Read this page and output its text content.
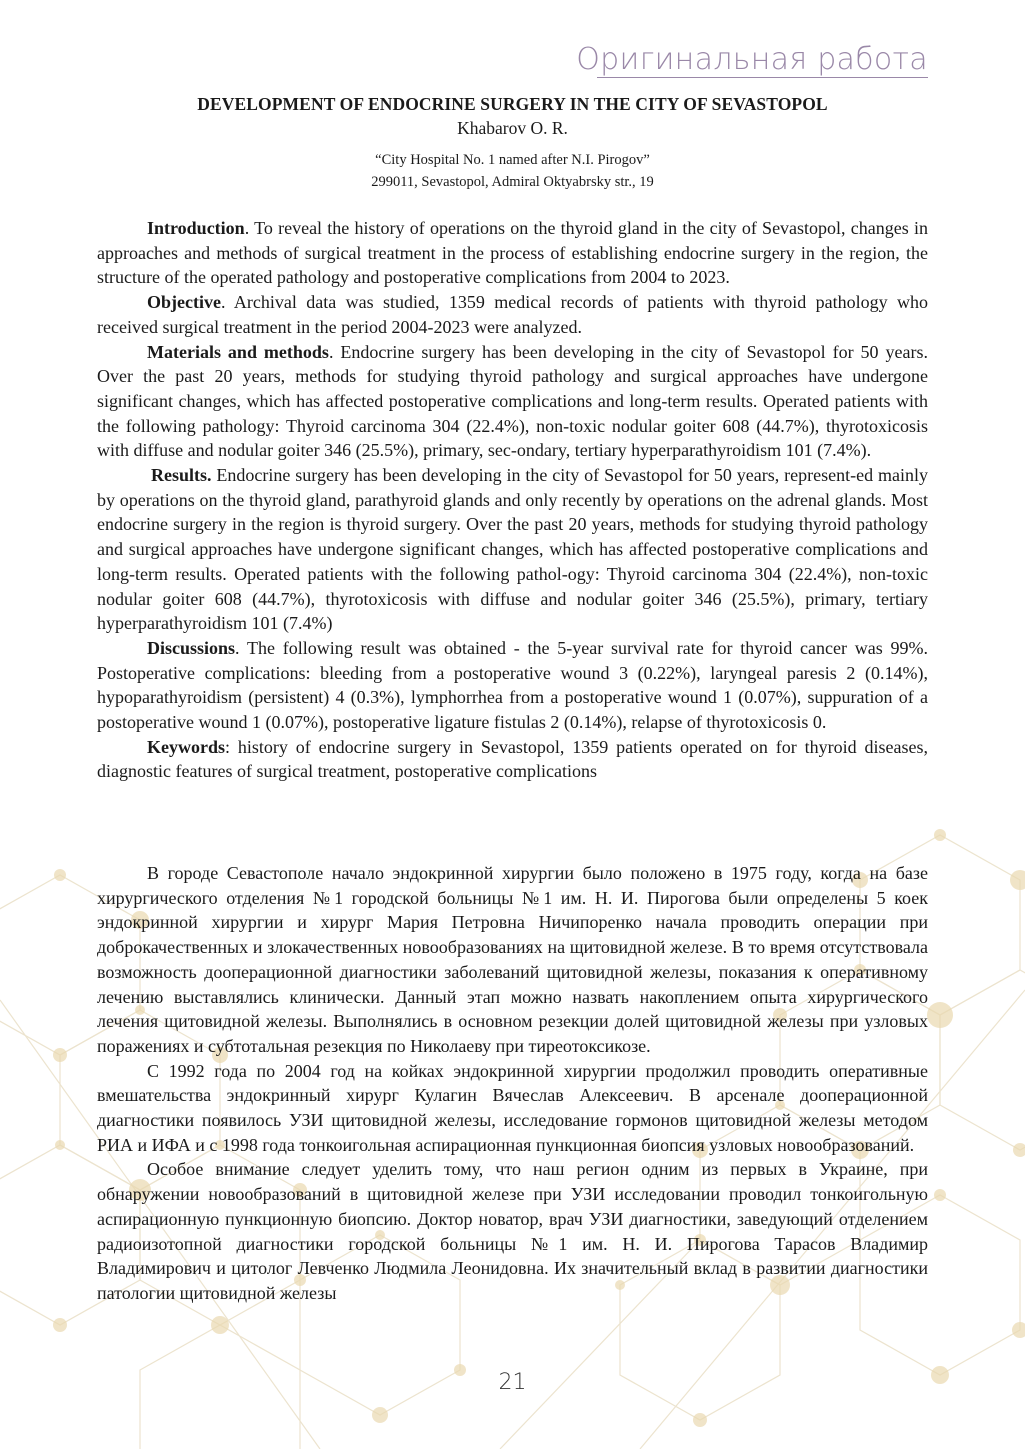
Оригинальная работа
DEVELOPMENT OF ENDOCRINE SURGERY IN THE CITY OF SEVASTOPOL
Khabarov O. R.
“City Hospital No. 1 named after N.I. Pirogov”
299011, Sevastopol, Admiral Oktyabrsky str., 19

Introduction. To reveal the history of operations on the thyroid gland in the city of Sevastopol, changes in approaches and methods of surgical treatment in the process of establishing endocrine surgery in the region, the structure of the operated pathology and postoperative complications from 2004 to 2023.

Objective. Archival data was studied, 1359 medical records of patients with thyroid pathology who received surgical treatment in the period 2004-2023 were analyzed.

Materials and methods. Endocrine surgery has been developing in the city of Sevastopol for 50 years. Over the past 20 years, methods for studying thyroid pathology and surgical approaches have undergone significant changes, which has affected postoperative complications and long-term results. Operated patients with the following pathology: Thyroid carcinoma 304 (22.4%), non-toxic nodular goiter 608 (44.7%), thyrotoxicosis with diffuse and nodular goiter 346 (25.5%), primary, sec-ondary, tertiary hyperparathyroidism 101 (7.4%).

Results. Endocrine surgery has been developing in the city of Sevastopol for 50 years, represent-ed mainly by operations on the thyroid gland, parathyroid glands and only recently by operations on the adrenal glands. Most endocrine surgery in the region is thyroid surgery. Over the past 20 years, methods for studying thyroid pathology and surgical approaches have undergone significant changes, which has affected postoperative complications and long-term results. Operated patients with the following pathol-ogy: Thyroid carcinoma 304 (22.4%), non-toxic nodular goiter 608 (44.7%), thyrotoxicosis with diffuse and nodular goiter 346 (25.5%), primary, tertiary hyperparathyroidism 101 (7.4%)

Discussions. The following result was obtained - the 5-year survival rate for thyroid cancer was 99%. Postoperative complications: bleeding from a postoperative wound 3 (0.22%), laryngeal paresis 2 (0.14%), hypoparathyroidism (persistent) 4 (0.3%), lymphorrhea from a postoperative wound 1 (0.07%), suppuration of a postoperative wound 1 (0.07%), postoperative ligature fistulas 2 (0.14%), relapse of thyrotoxicosis 0.

Keywords: history of endocrine surgery in Sevastopol, 1359 patients operated on for thyroid diseases, diagnostic features of surgical treatment, postoperative complications

В городе Севастополе начало эндокринной хирургии было положено в 1975 году, когда на базе хирургического отделения №1 городской больницы №1 им. Н. И. Пирогова были определены 5 коек эндокринной хирургии и хирург Мария Петровна Ничипоренко начала проводить операции при доброкачественных и злокачественных новообразованиях на щитовидной железе. В то время отсутствовала возможность дооперационной диагностики заболеваний щитовидной железы, показания к оперативному лечению выставлялись клинически. Данный этап можно назвать накоплением опыта хирургического лечения щитовидной железы. Выполнялись в основном резекции долей щитовидной железы при узловых поражениях и субтотальная резекция по Николаеву при тиреотоксикозе.

С 1992 года по 2004 год на койках эндокринной хирургии продолжил проводить оперативные вмешательства эндокринный хирург Кулагин Вячеслав Алексеевич. В арсенале дооперационной диагностики появилось УЗИ щитовидной железы, исследование гормонов щитовидной железы методом РИА и ИФА и с 1998 года тонкоигольная аспирационная пункционная биопсия узловых новообразований.

Особое внимание следует уделить тому, что наш регион одним из первых в Украине, при обнаружении новообразований в щитовидной железе при УЗИ исследовании проводил тонкоигольную аспирационную пункционную биопсию. Доктор новатор, врач УЗИ диагностики, заведующий отделением радиоизотопной диагностики городской больницы №1 им. Н. И. Пирогова Тарасов Владимир Владимирович и цитолог Левченко Людмила Леонидовна. Их значительный вклад в развитии диагностики патологии щитовидной железы

21
